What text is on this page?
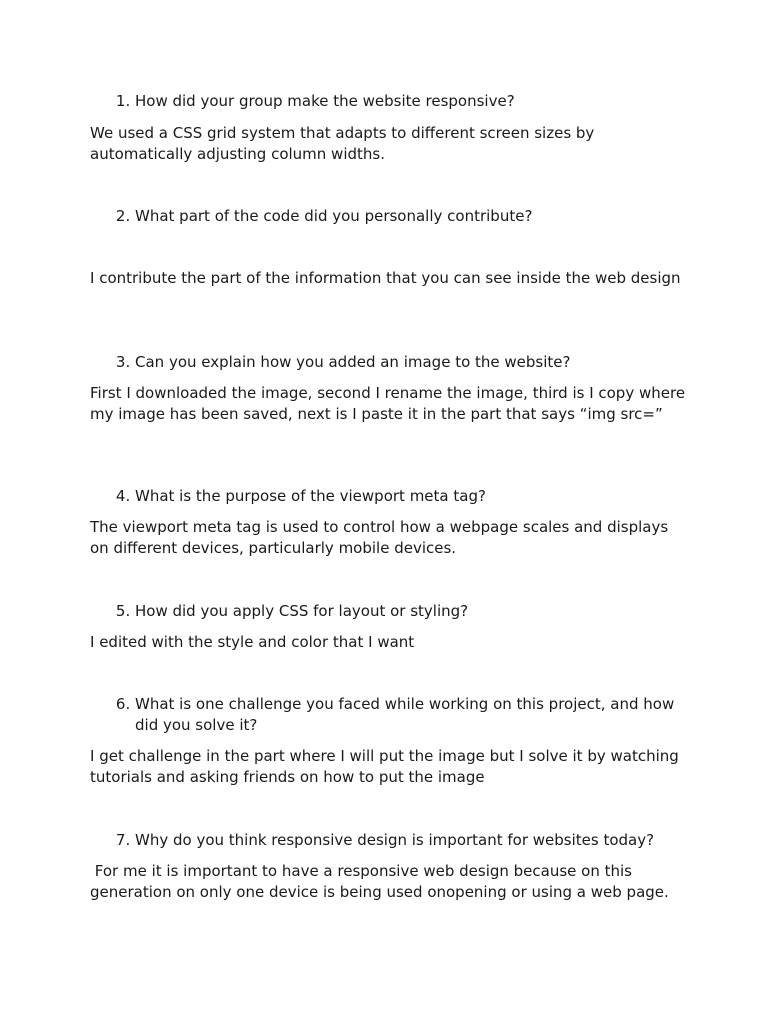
1. How did your group make the website responsive?

We used a CSS grid system that adapts to different screen sizes by automatically adjusting column widths.

2. What part of the code did you personally contribute?

I contribute the part of the information that you can see inside the web design

3. Can you explain how you added an image to the website?

First I downloaded the image, second I rename the image, third is I copy where my image has been saved, next is I paste it in the part that says “img src=”

4. What is the purpose of the viewport meta tag?

The viewport meta tag is used to control how a webpage scales and displays on different devices, particularly mobile devices.

5. How did you apply CSS for layout or styling?

I edited with the style and color that I want

6. What is one challenge you faced while working on this project, and how did you solve it?

I get challenge in the part where I will put the image but I solve it by watching tutorials and asking friends on how to put the image

7. Why do you think responsive design is important for websites today?

For me it is important to have a responsive web design because on this generation on only one device is being used onopening or using a web page.
